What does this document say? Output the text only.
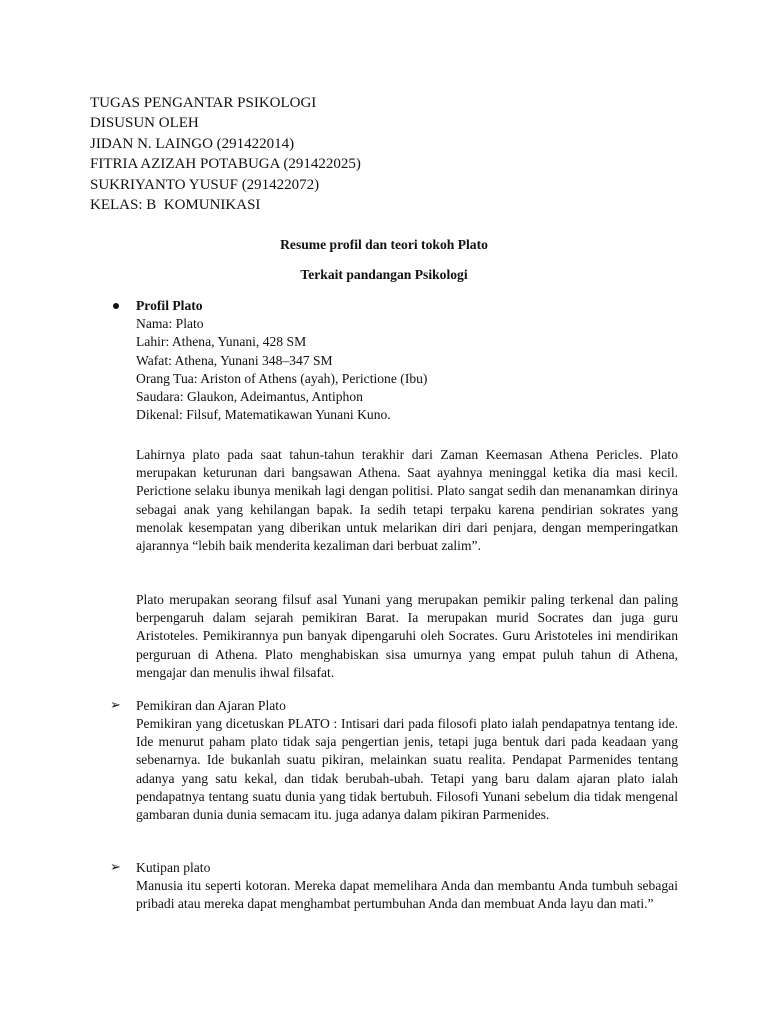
TUGAS PENGANTAR PSIKOLOGI
DISUSUN OLEH
JIDAN N. LAINGO (291422014)
FITRIA AZIZAH POTABUGA (291422025)
SUKRIYANTO YUSUF (291422072)
KELAS: B  KOMUNIKASI
Resume profil dan teori tokoh Plato
Terkait pandangan Psikologi
Profil Plato
Nama: Plato
Lahir: Athena, Yunani, 428 SM
Wafat: Athena, Yunani 348–347 SM
Orang Tua: Ariston of Athens (ayah), Perictione (Ibu)
Saudara: Glaukon, Adeimantus, Antiphon
Dikenal: Filsuf, Matematikawan Yunani Kuno.
Lahirnya plato pada saat tahun-tahun terakhir dari Zaman Keemasan Athena Pericles. Plato merupakan keturunan dari bangsawan Athena. Saat ayahnya meninggal ketika dia masi kecil. Perictione selaku ibunya menikah lagi dengan politisi. Plato sangat sedih dan menanamkan dirinya sebagai anak yang kehilangan bapak. Ia sedih tetapi terpaku karena pendirian sokrates yang menolak kesempatan yang diberikan untuk melarikan diri dari penjara, dengan memperingatkan ajarannya “lebih baik menderita kezaliman dari berbuat zalim”.
Plato merupakan seorang filsuf asal Yunani yang merupakan pemikir paling terkenal dan paling berpengaruh dalam sejarah pemikiran Barat. Ia merupakan murid Socrates dan juga guru Aristoteles. Pemikirannya pun banyak dipengaruhi oleh Socrates. Guru Aristoteles ini mendirikan perguruan di Athena. Plato menghabiskan sisa umurnya yang empat puluh tahun di Athena, mengajar dan menulis ihwal filsafat.
➢ Pemikiran dan Ajaran Plato
Pemikiran yang dicetuskan PLATO : Intisari dari pada filosofi plato ialah pendapatnya tentang ide. Ide menurut paham plato tidak saja pengertian jenis, tetapi juga bentuk dari pada keadaan yang sebenarnya. Ide bukanlah suatu pikiran, melainkan suatu realita. Pendapat Parmenides tentang adanya yang satu kekal, dan tidak berubah-ubah. Tetapi yang baru dalam ajaran plato ialah pendapatnya tentang suatu dunia yang tidak bertubuh. Filosofi Yunani sebelum dia tidak mengenal gambaran dunia dunia semacam itu. juga adanya dalam pikiran Parmenides.
➢ Kutipan plato
Manusia itu seperti kotoran. Mereka dapat memelihara Anda dan membantu Anda tumbuh sebagai pribadi atau mereka dapat menghambat pertumbuhan Anda dan membuat Anda layu dan mati.”
